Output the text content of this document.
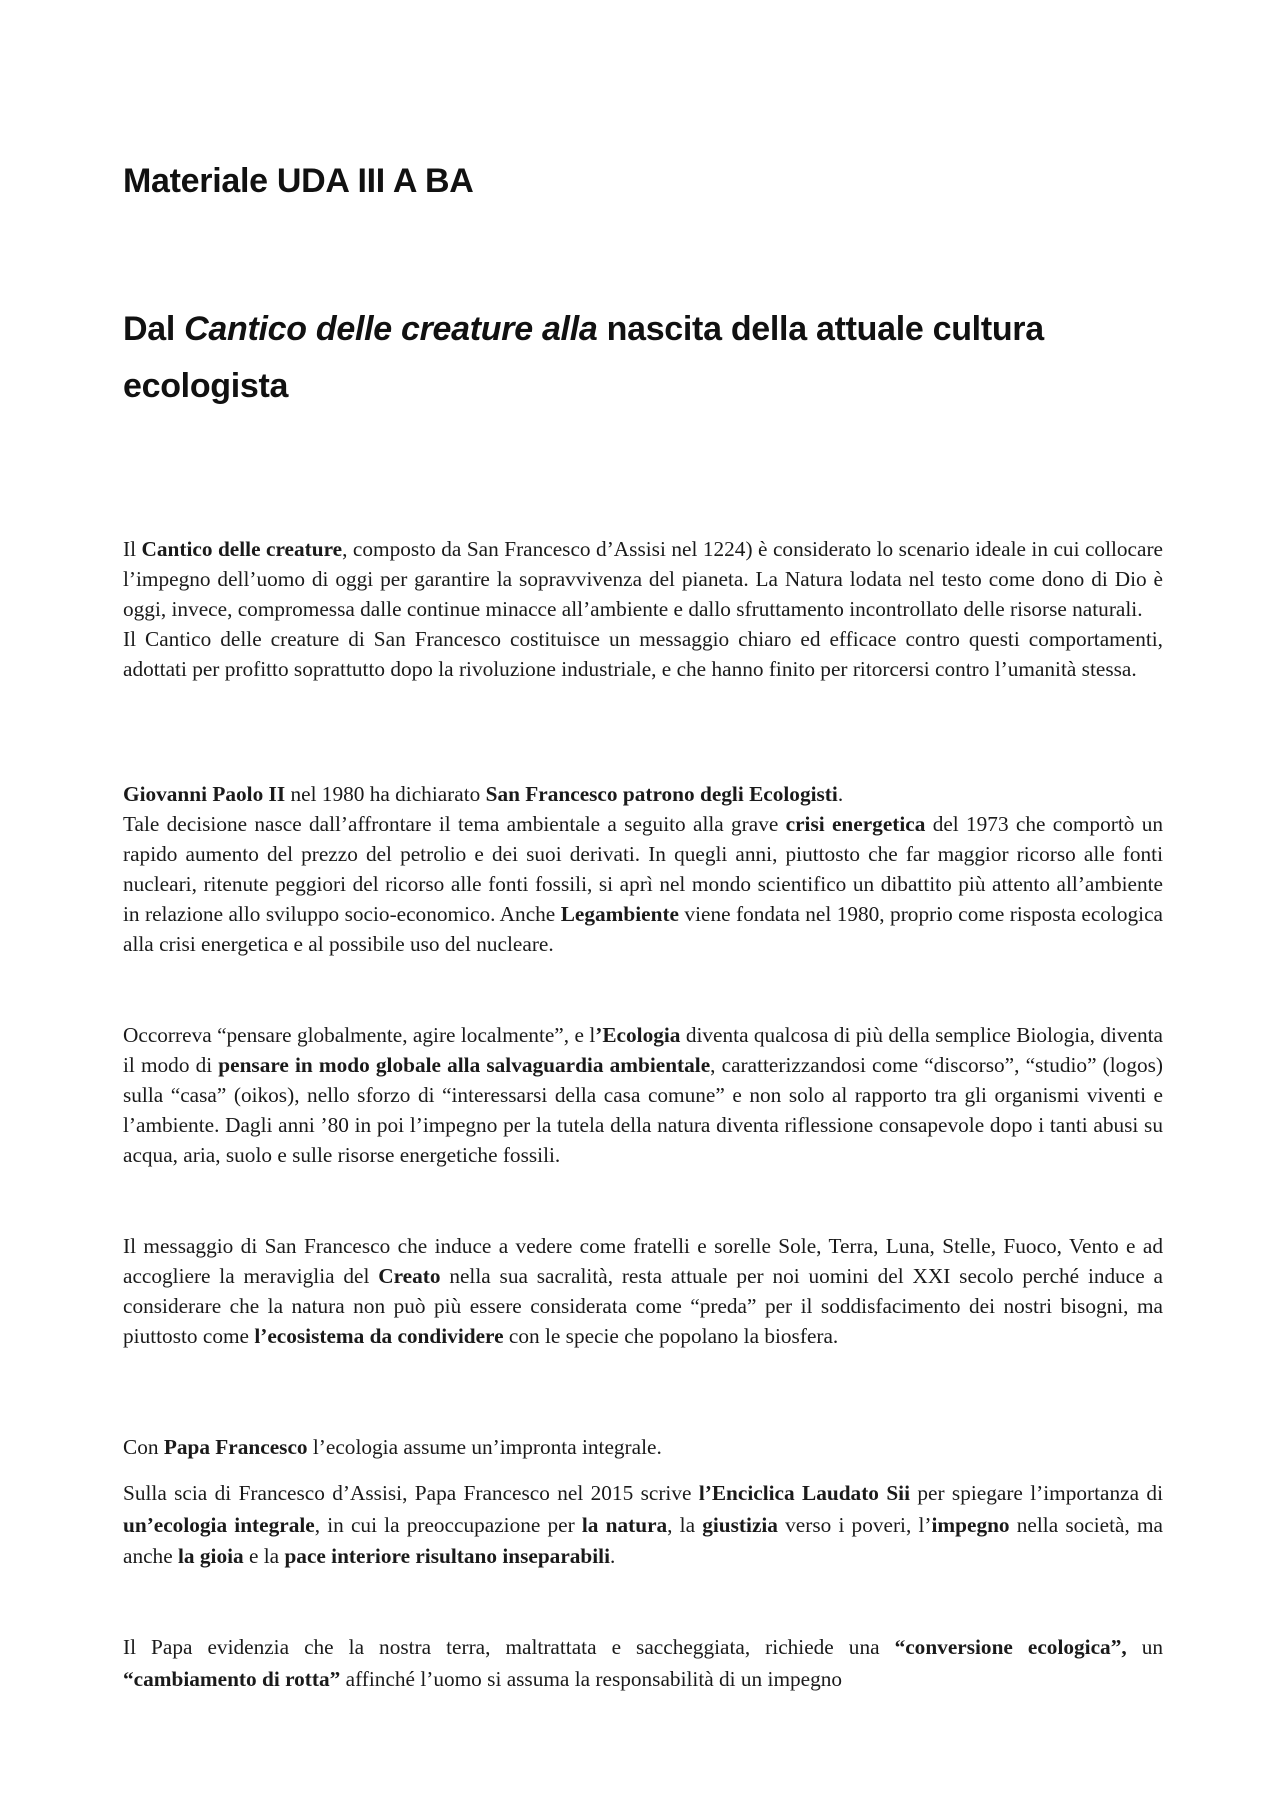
Materiale UDA III A BA
Dal Cantico delle creature alla nascita della attuale cultura ecologista

Il Cantico delle creature, composto da San Francesco d’Assisi nel 1224) è considerato lo scenario ideale in cui collocare l’impegno dell’uomo di oggi per garantire la sopravvivenza del pianeta. La Natura lodata nel testo come dono di Dio è oggi, invece, compromessa dalle continue minacce all’ambiente e dallo sfruttamento incontrollato delle risorse naturali.

Il Cantico delle creature di San Francesco costituisce un messaggio chiaro ed efficace contro questi comportamenti, adottati per profitto soprattutto dopo la rivoluzione industriale, e che hanno finito per ritorcersi contro l’umanità stessa.

Giovanni Paolo II nel 1980 ha dichiarato San Francesco patrono degli Ecologisti.

Tale decisione nasce dall’affrontare il tema ambientale a seguito alla grave crisi energetica del 1973 che comportò un rapido aumento del prezzo del petrolio e dei suoi derivati. In quegli anni, piuttosto che far maggior ricorso alle fonti nucleari, ritenute peggiori del ricorso alle fonti fossili, si aprì nel mondo scientifico un dibattito più attento all’ambiente in relazione allo sviluppo socio-economico. Anche Legambiente viene fondata nel 1980, proprio come risposta ecologica alla crisi energetica e al possibile uso del nucleare.

Occorreva “pensare globalmente, agire localmente”, e l’Ecologia diventa qualcosa di più della semplice Biologia, diventa il modo di pensare in modo globale alla salvaguardia ambientale, caratterizzandosi come “discorso”, “studio” (logos) sulla “casa” (oikos), nello sforzo di “interessarsi della casa comune” e non solo al rapporto tra gli organismi viventi e l’ambiente. Dagli anni ’80 in poi l’impegno per la tutela della natura diventa riflessione consapevole dopo i tanti abusi su acqua, aria, suolo e sulle risorse energetiche fossili.

Il messaggio di San Francesco che induce a vedere come fratelli e sorelle Sole, Terra, Luna, Stelle, Fuoco, Vento e ad accogliere la meraviglia del Creato nella sua sacralità, resta attuale per noi uomini del XXI secolo perché induce a considerare che la natura non può più essere considerata come “preda” per il soddisfacimento dei nostri bisogni, ma piuttosto come l’ecosistema da condividere con le specie che popolano la biosfera.

Con Papa Francesco l’ecologia assume un’impronta integrale.

Sulla scia di Francesco d’Assisi, Papa Francesco nel 2015 scrive l’Enciclica Laudato Sii per spiegare l’importanza di un’ecologia integrale, in cui la preoccupazione per la natura, la giustizia verso i poveri, l’impegno nella società, ma anche la gioia e la pace interiore risultano inseparabili.

Il Papa evidenzia che la nostra terra, maltrattata e saccheggiata, richiede una “conversione ecologica”, un “cambiamento di rotta” affinché l’uomo si assuma la responsabilità di un impegno
